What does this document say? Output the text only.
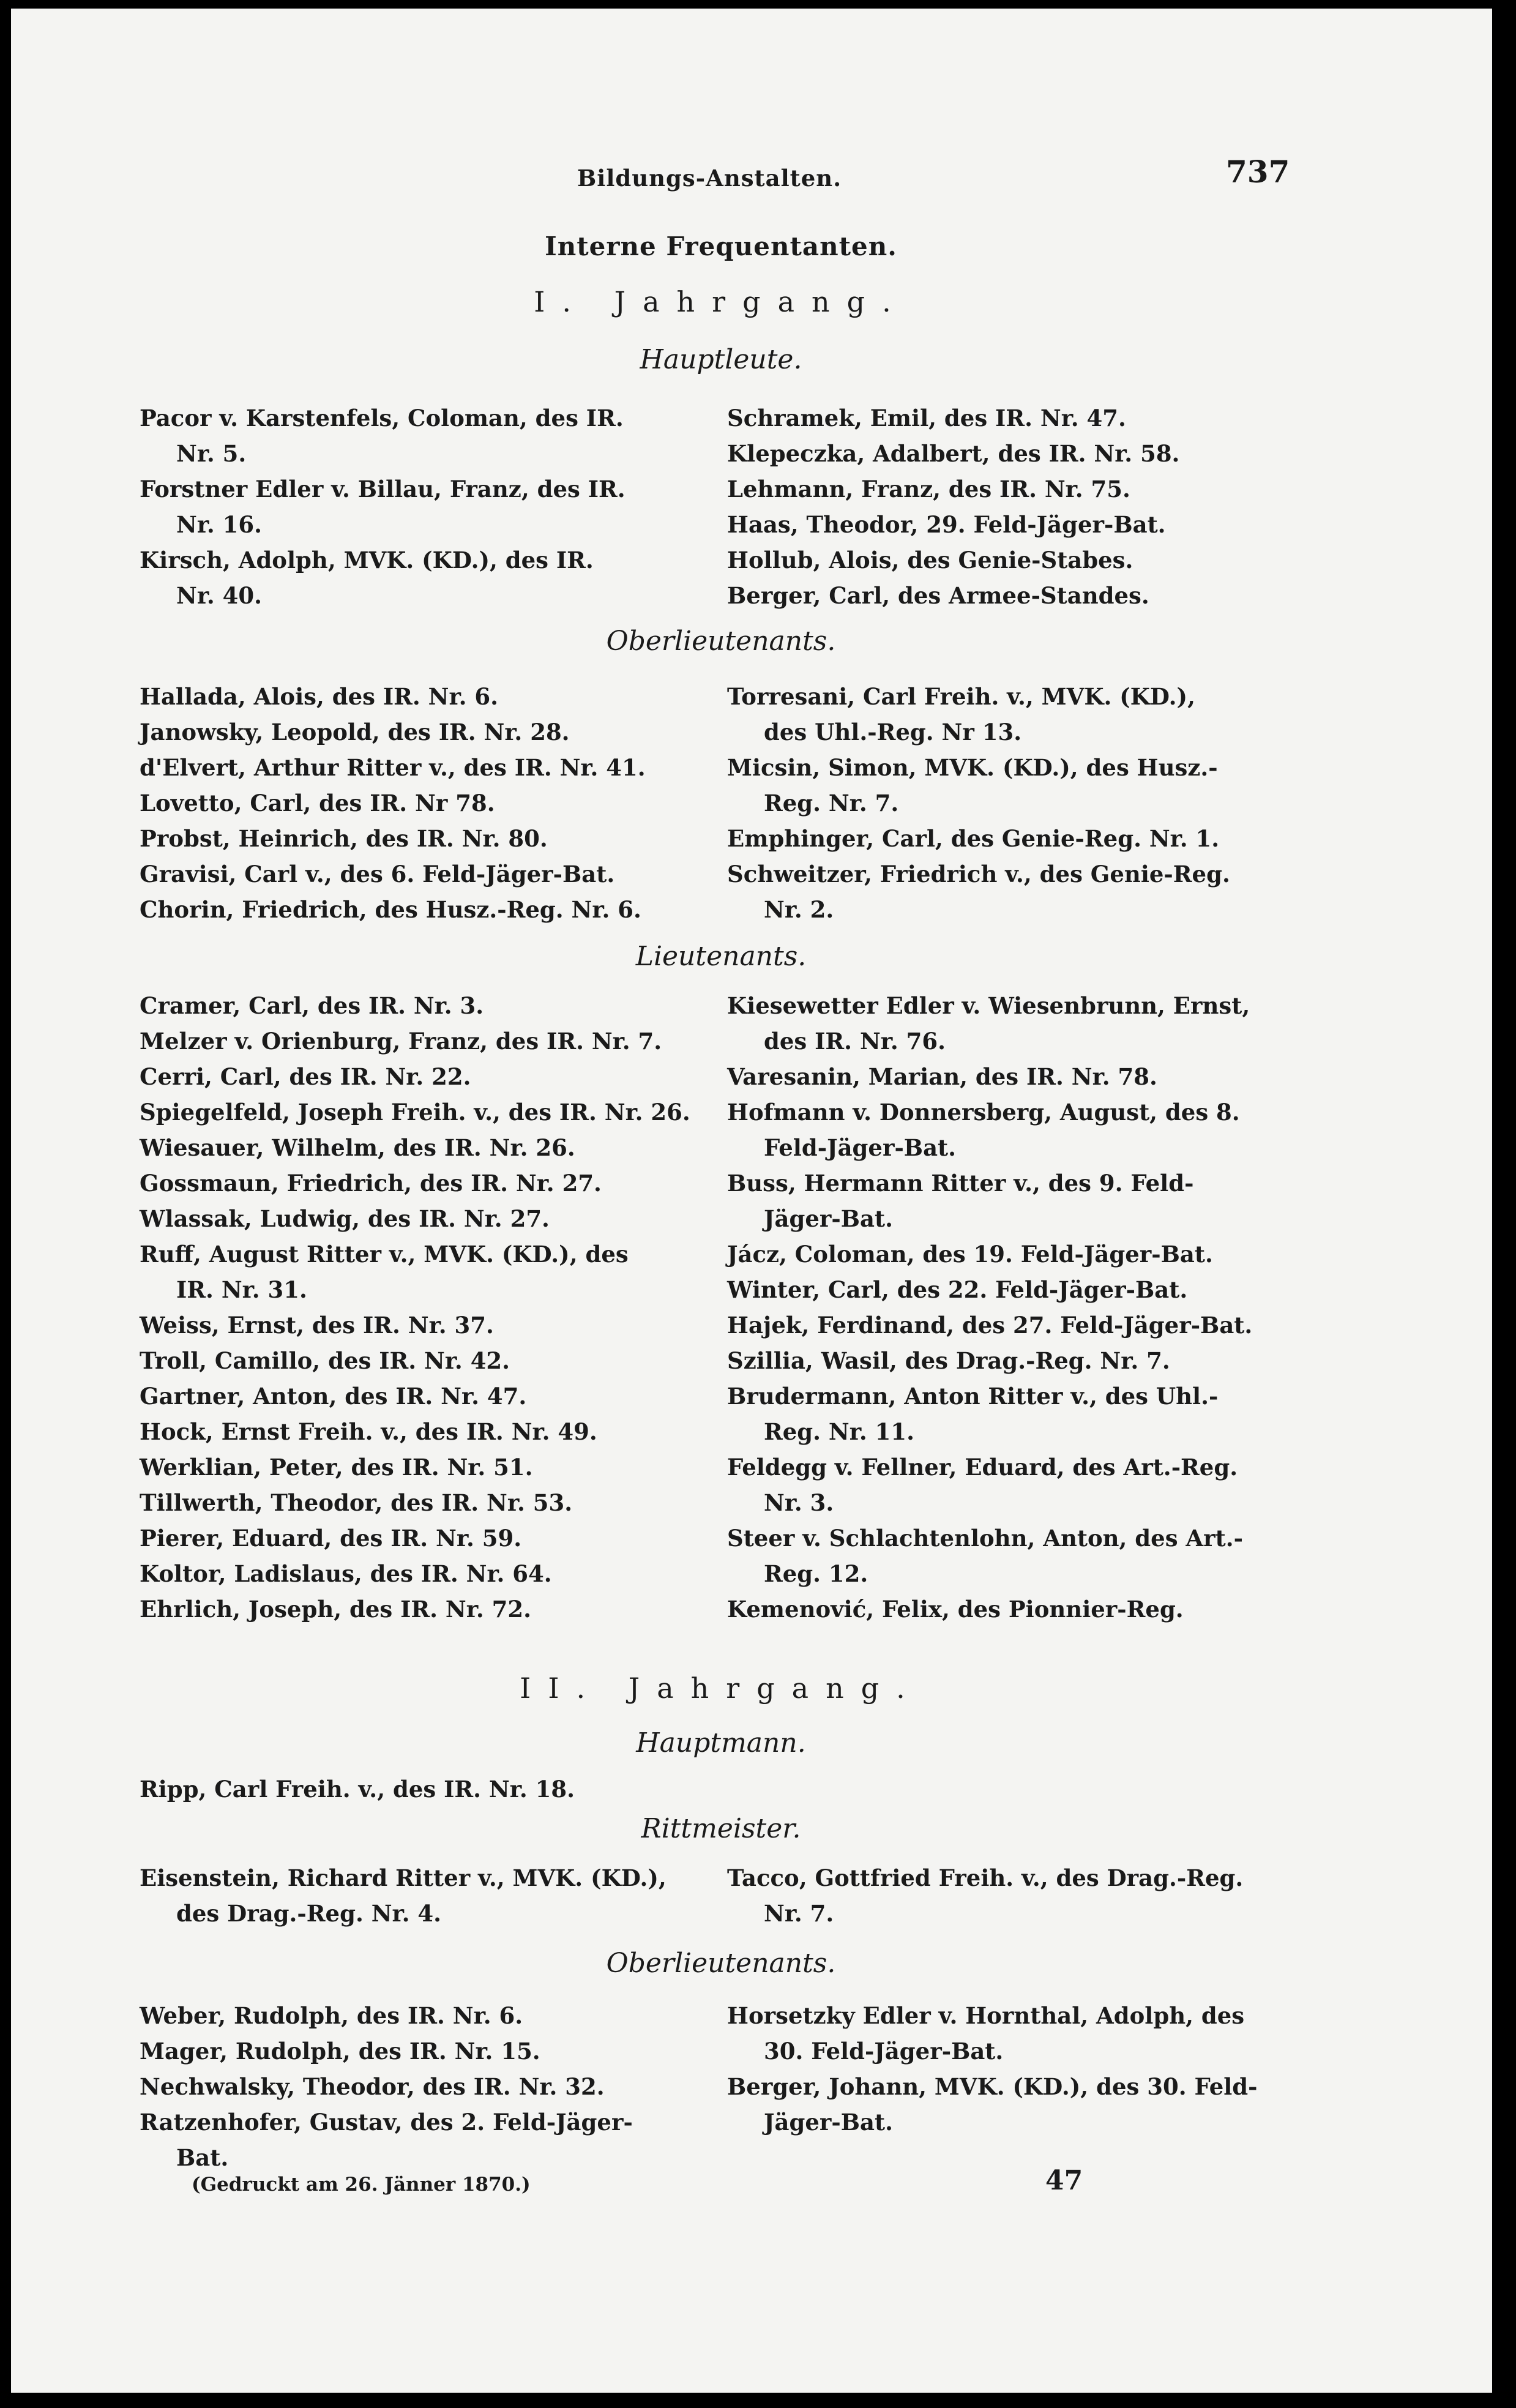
Bildungs-Anstalten.	737
Interne Frequentanten.
I. Jahrgang.
Hauptleute.
Pacor v. Karstenfels, Coloman, des IR.
Nr. 5.
Forstner Edler v. Billau, Franz, des IR.
Nr. 16.
Kirsch, Adolph, MVK. (KD.), des IR.
Nr. 40.
Schramek, Emil, des IR. Nr. 47.
Klepeczka, Adalbert, des IR. Nr. 58.
Lehmann, Franz, des IR. Nr. 75.
Haas, Theodor, 29. Feld-Jäger-Bat.
Hollub, Alois, des Genie-Stabes.
Berger, Carl, des Armee-Standes.
Oberlieutenants.
Hallada, Alois, des IR. Nr. 6.
Janowsky, Leopold, des IR. Nr. 28.
d'Elvert, Arthur Ritter v., des IR. Nr. 41.
Lovetto, Carl, des IR. Nr 78.
Probst, Heinrich, des IR. Nr. 80.
Gravisi, Carl v., des 6. Feld-Jäger-Bat.
Chorin, Friedrich, des Husz.-Reg. Nr. 6.
Torresani, Carl Freih. v., MVK. (KD.),
des Uhl.-Reg. Nr 13.
Micsin, Simon, MVK. (KD.), des Husz.-
Reg. Nr. 7.
Emphinger, Carl, des Genie-Reg. Nr. 1.
Schweitzer, Friedrich v., des Genie-Reg.
Nr. 2.
Lieutenants.
Cramer, Carl, des IR. Nr. 3.
Melzer v. Orienburg, Franz, des IR. Nr. 7.
Cerri, Carl, des IR. Nr. 22.
Spiegelfeld, Joseph Freih. v., des IR. Nr. 26.
Wiesauer, Wilhelm, des IR. Nr. 26.
Gossmaun, Friedrich, des IR. Nr. 27.
Wlassak, Ludwig, des IR. Nr. 27.
Ruff, August Ritter v., MVK. (KD.), des
IR. Nr. 31.
Weiss, Ernst, des IR. Nr. 37.
Troll, Camillo, des IR. Nr. 42.
Gartner, Anton, des IR. Nr. 47.
Hock, Ernst Freih. v., des IR. Nr. 49.
Werklian, Peter, des IR. Nr. 51.
Tillwerth, Theodor, des IR. Nr. 53.
Pierer, Eduard, des IR. Nr. 59.
Koltor, Ladislaus, des IR. Nr. 64.
Ehrlich, Joseph, des IR. Nr. 72.
Kiesewetter Edler v. Wiesenbrunn, Ernst,
des IR. Nr. 76.
Varesanin, Marian, des IR. Nr. 78.
Hofmann v. Donnersberg, August, des 8.
Feld-Jäger-Bat.
Buss, Hermann Ritter v., des 9. Feld-
Jäger-Bat.
Jácz, Coloman, des 19. Feld-Jäger-Bat.
Winter, Carl, des 22. Feld-Jäger-Bat.
Hajek, Ferdinand, des 27. Feld-Jäger-Bat.
Szillia, Wasil, des Drag.-Reg. Nr. 7.
Brudermann, Anton Ritter v., des Uhl.-
Reg. Nr. 11.
Feldegg v. Fellner, Eduard, des Art.-Reg.
Nr. 3.
Steer v. Schlachtenlohn, Anton, des Art.-
Reg. 12.
Kemenović, Felix, des Pionnier-Reg.
II. Jahrgang.
Hauptmann.
Ripp, Carl Freih. v., des IR. Nr. 18.
Rittmeister.
Eisenstein, Richard Ritter v., MVK. (KD.),
des Drag.-Reg. Nr. 4.
Tacco, Gottfried Freih. v., des Drag.-Reg.
Nr. 7.
Oberlieutenants.
Weber, Rudolph, des IR. Nr. 6.
Mager, Rudolph, des IR. Nr. 15.
Nechwalsky, Theodor, des IR. Nr. 32.
Ratzenhofer, Gustav, des 2. Feld-Jäger-
Bat.
Horsetzky Edler v. Hornthal, Adolph, des
30. Feld-Jäger-Bat.
Berger, Johann, MVK. (KD.), des 30. Feld-
Jäger-Bat.
(Gedruckt am 26. Jänner 1870.)	47
